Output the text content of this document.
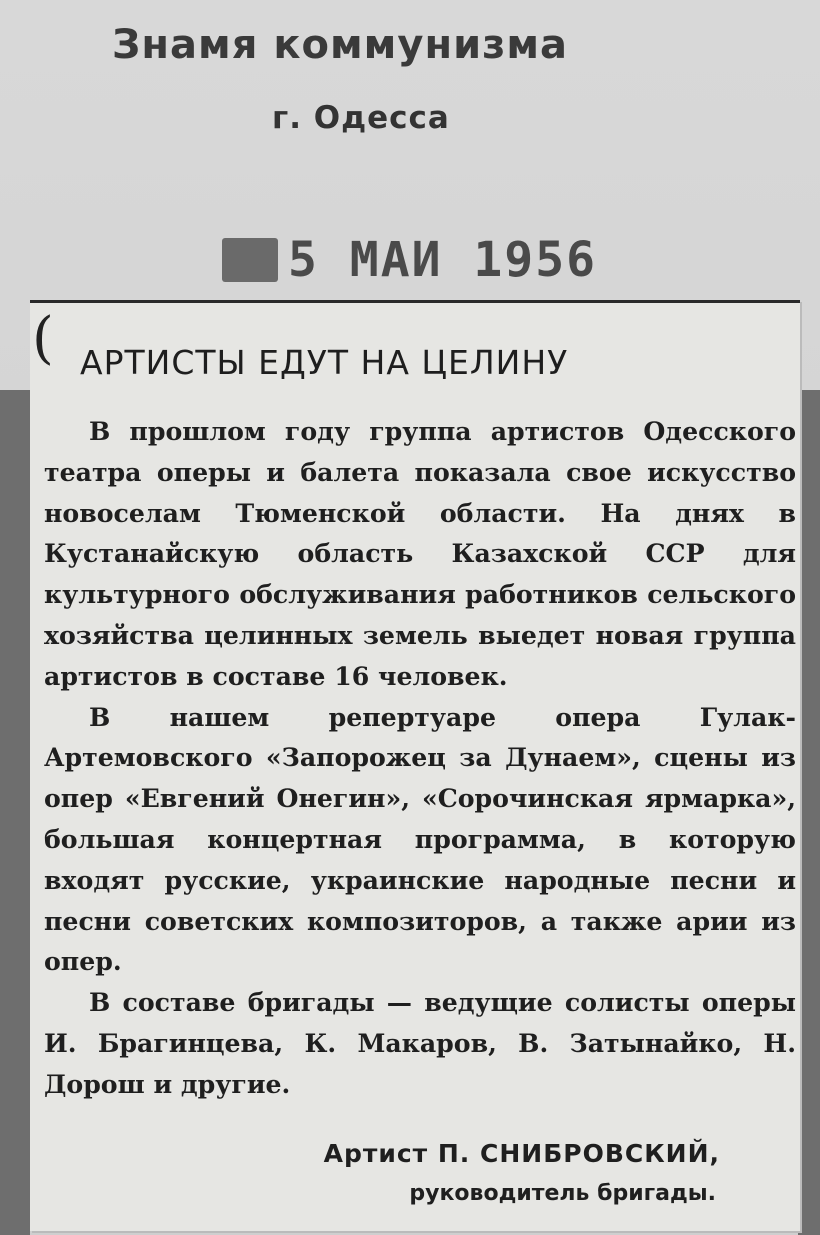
Знамя коммунизма
г. Одесса
5 МАИ 1956
( АРТИСТЫ ЕДУТ НА ЦЕЛИНУ

В прошлом году группа артистов Одесского театра оперы и балета показала свое искусство новоселам Тюменской области. На днях в Кустанайскую область Казахской ССР для культурного обслуживания работников сельского хозяйства целинных земель выедет новая группа артистов в составе 16 человек.

В нашем репертуаре опера Гулак-Артемовского «Запорожец за Дунаем», сцены из опер «Евгений Онегин», «Сорочинская ярмарка», большая концертная программа, в которую входят русские, украинские народные песни и песни советских композиторов, а также арии из опер.

В составе бригады — ведущие солисты оперы И. Брагинцева, К. Макаров, В. Затынайко, Н. Дорош и другие.

Артист П. СНИБРОВСКИЙ,
руководитель бригады.
